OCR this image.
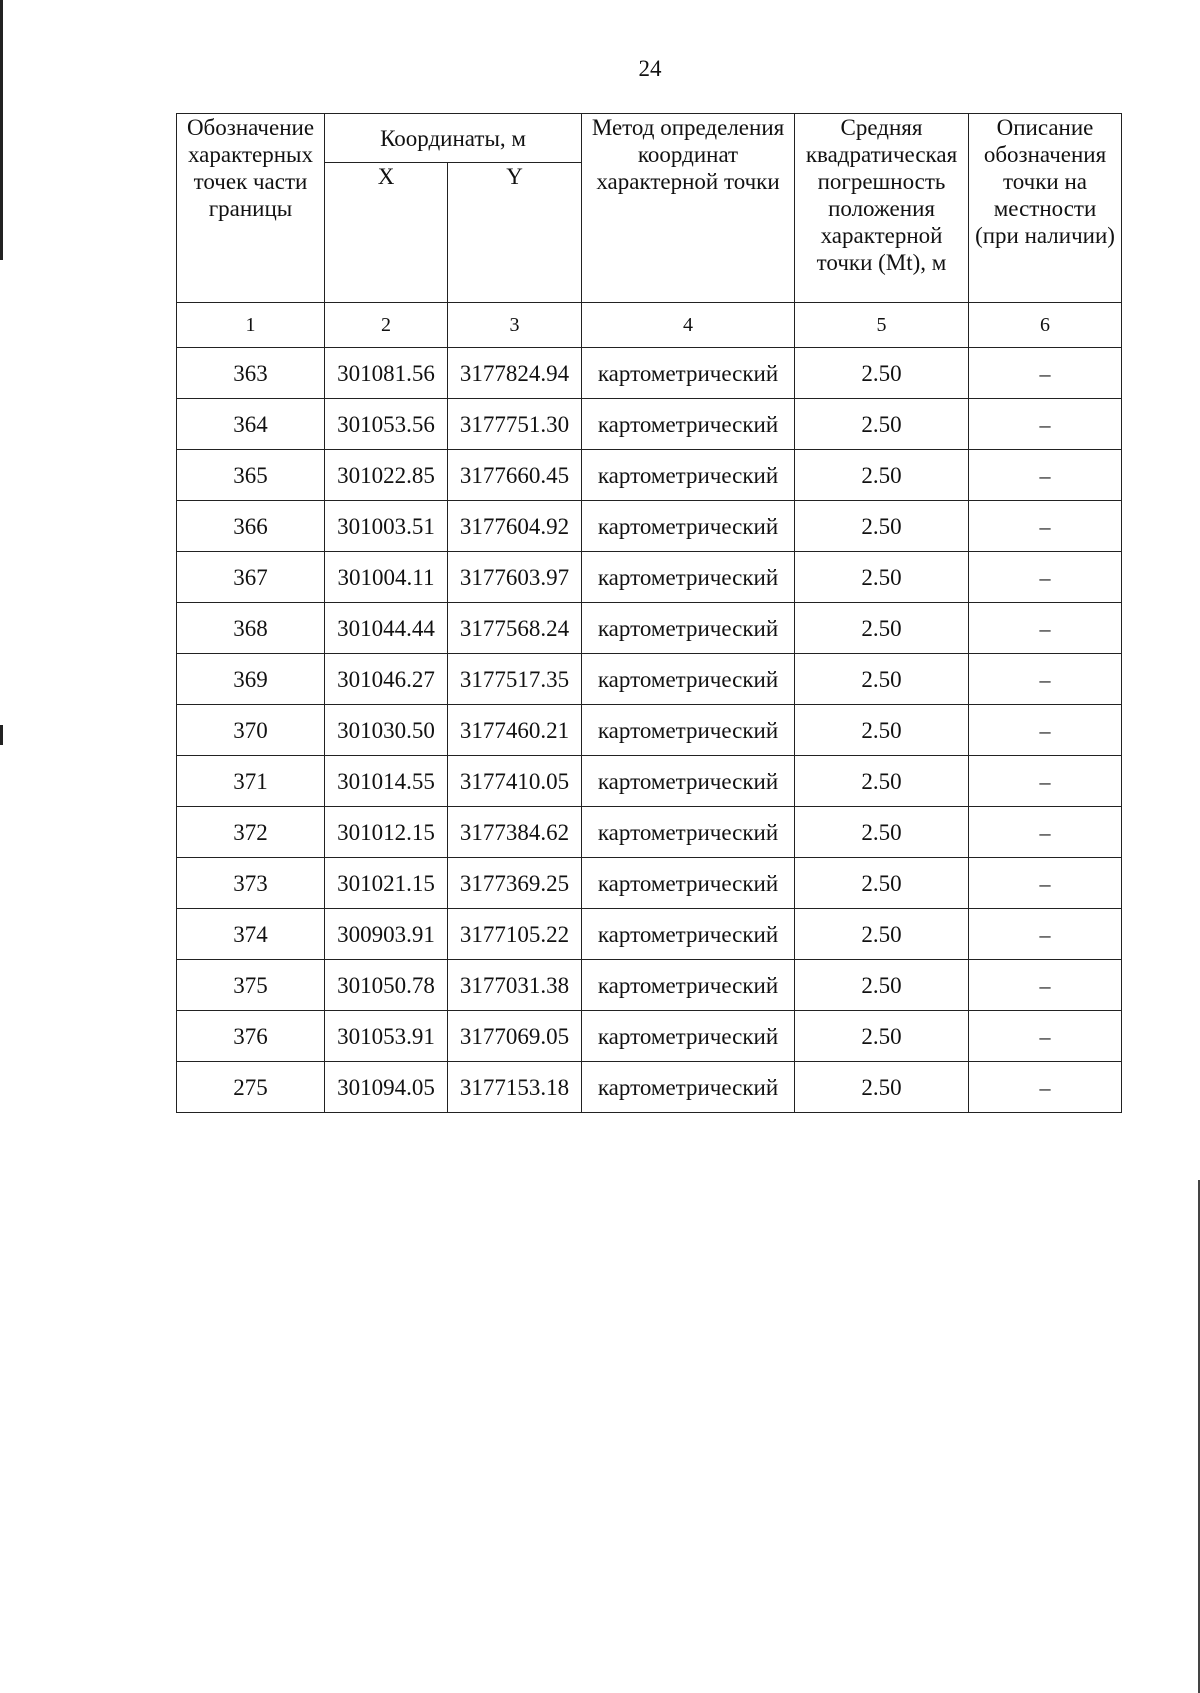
24
Обозначение характерных точек части границы	Координаты, м		Метод определения координат характерной точки	Средняя квадратическая погрешность положения характерной точки (Mt), м	Описание обозначения точки на местности (при наличии)
	X	Y			
1	2	3	4	5	6
363	301081.56	3177824.94	картометрический	2.50	–
364	301053.56	3177751.30	картометрический	2.50	–
365	301022.85	3177660.45	картометрический	2.50	–
366	301003.51	3177604.92	картометрический	2.50	–
367	301004.11	3177603.97	картометрический	2.50	–
368	301044.44	3177568.24	картометрический	2.50	–
369	301046.27	3177517.35	картометрический	2.50	–
370	301030.50	3177460.21	картометрический	2.50	–
371	301014.55	3177410.05	картометрический	2.50	–
372	301012.15	3177384.62	картометрический	2.50	–
373	301021.15	3177369.25	картометрический	2.50	–
374	300903.91	3177105.22	картометрический	2.50	–
375	301050.78	3177031.38	картометрический	2.50	–
376	301053.91	3177069.05	картометрический	2.50	–
275	301094.05	3177153.18	картометрический	2.50	–
